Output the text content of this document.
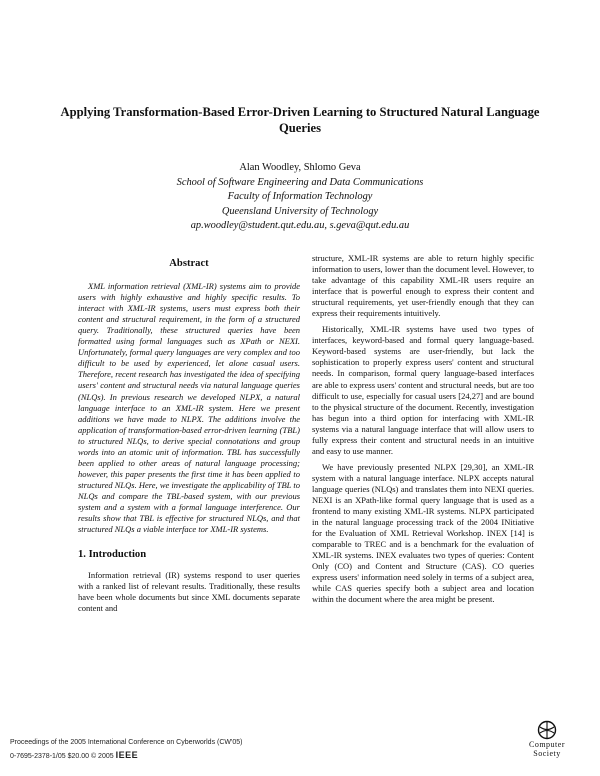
Applying Transformation-Based Error-Driven Learning to Structured Natural Language Queries
Alan Woodley, Shlomo Geva
School of Software Engineering and Data Communications
Faculty of Information Technology
Queensland University of Technology
ap.woodley@student.qut.edu.au, s.geva@qut.edu.au

Abstract

XML information retrieval (XML-IR) systems aim to provide users with highly exhaustive and highly specific results. To interact with XML-IR systems, users must express both their content and structural requirement, in the form of a structured query. Traditionally, these structured queries have been formatted using formal languages such as XPath or NEXI. Unfortunately, formal query languages are very complex and too difficult to be used by experienced, let alone casual users. Therefore, recent research has investigated the idea of specifying users' content and structural needs via natural language queries (NLQs). In previous research we developed NLPX, a natural language interface to an XML-IR system. Here we present additions we have made to NLPX. The additions involve the application of transformation-based error-driven learning (TBL) to structured NLQs, to derive special connotations and group words into an atomic unit of information. TBL has successfully been applied to other areas of natural language processing; however, this paper presents the first time it has been applied to structured NLQs. Here, we investigate the applicability of TBL to NLQs and compare the TBL-based system, with our previous system and a system with a formal language interference. Our results show that TBL is effective for structured NLQs, and that structured NLQs a viable interface tor XML-IR systems.

1. Introduction

Information retrieval (IR) systems respond to user queries with a ranked list of relevant results. Traditionally, these results have been whole documents but since XML documents separate content and

structure, XML-IR systems are able to return highly specific information to users, lower than the document level. However, to take advantage of this capability XML-IR users require an interface that is powerful enough to express their content and structural requirements, yet user-friendly enough that they can express their requirements intuitively.

Historically, XML-IR systems have used two types of interfaces, keyword-based and formal query language-based. Keyword-based systems are user-friendly, but lack the sophistication to properly express users' content and structural needs. In comparison, formal query language-based interfaces are able to express users' content and structural needs, but are too difficult to use, especially for casual users [24,27] and are bound to the physical structure of the document. Recently, investigation has begun into a third option for interfacing with XML-IR systems via a natural language interface that will allow users to fully express their content and structural needs in an intuitive and easy to use manner.

We have previously presented NLPX [29,30], an XML-IR system with a natural language interface. NLPX accepts natural language queries (NLQs) and translates them into NEXI queries. NEXI is an XPath-like formal query language that is used as a frontend to many existing XML-IR systems. NLPX participated in the natural language processing track of the 2004 INitiative for the Evaluation of XML Retrieval Workshop. INEX [14] is comparable to TREC and is a benchmark for the evaluation of XML-IR systems. INEX evaluates two types of queries: Content Only (CO) and Content and Structure (CAS). CO queries express users' information need solely in terms of a subject area, while CAS queries specify both a subject area and location within the document where the area might be present.

Proceedings of the 2005 International Conference on Cyberworlds (CW'05)
0-7695-2378-1/05 $20.00 © 2005 IEEE
Computer
Society
